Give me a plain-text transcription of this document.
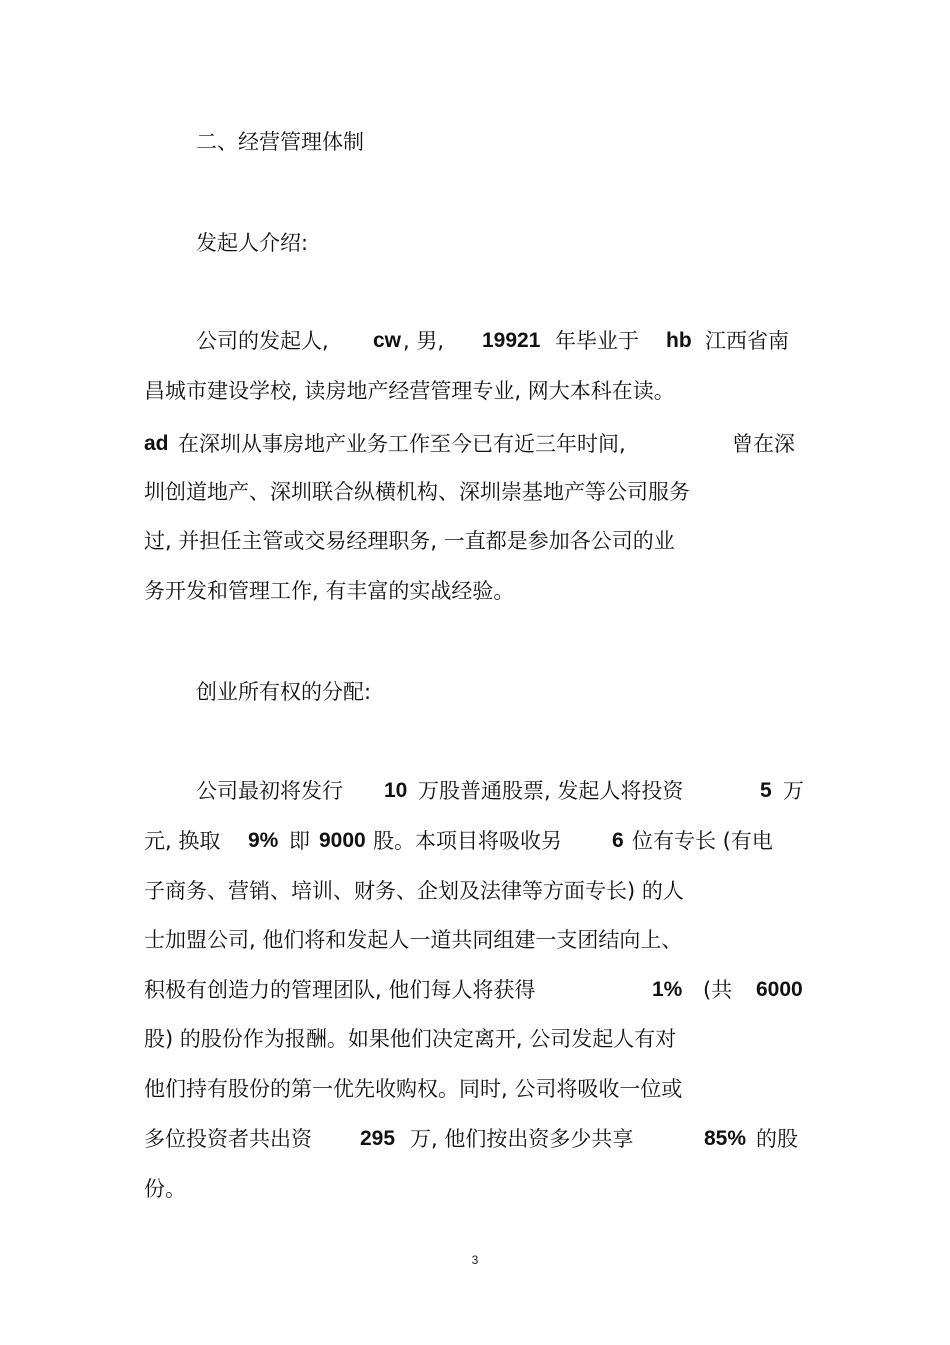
二、经营管理体制
发起人介绍:
公司的发起人, cw , 男, 19921 年毕业于 hb 江西省南
昌城市建设学校, 读房地产经营管理专业, 网大本科在读。
ad 在深圳从事房地产业务工作至今已有近三年时间,	曾在深
圳创道地产、深圳联合纵横机构、深圳崇基地产等公司服务
过, 并担任主管或交易经理职务, 一直都是参加各公司的业
务开发和管理工作, 有丰富的实战经验。
创业所有权的分配:
公司最初将发行 10 万股普通股票, 发起人将投资	5 万
元, 换取 9% 即 9000 股。本项目将吸收另 6 位有专长 (有电
子商务、营销、培训、财务、企划及法律等方面专长) 的人
士加盟公司, 他们将和发起人一道共同组建一支团结向上、
积极有创造力的管理团队, 他们每人将获得	1% (共 6000
股) 的股份作为报酬。如果他们决定离开, 公司发起人有对
他们持有股份的第一优先收购权。同时, 公司将吸收一位或
多位投资者共出资 295 万, 他们按出资多少共享	85% 的股
份。
3
